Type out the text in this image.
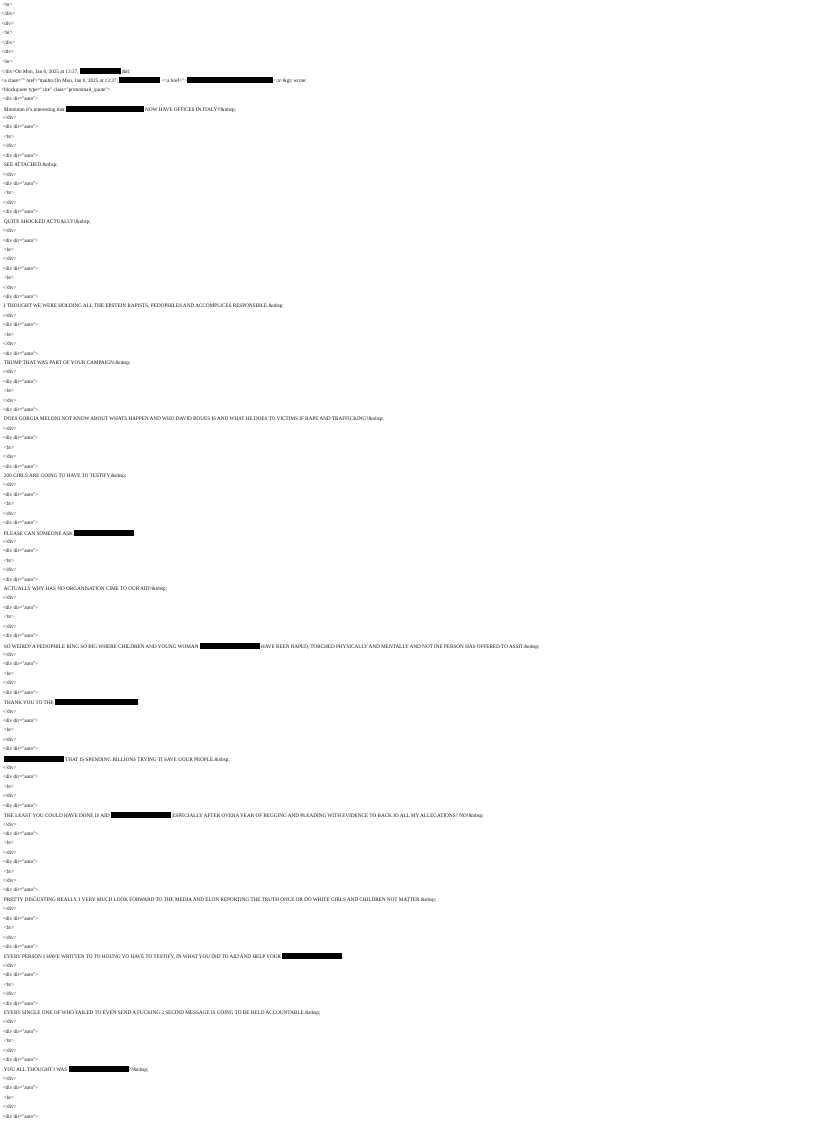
<br>
</div>
<div>
<br>
</div>
<div>
<br>
</div>On Mon, Jan 6, 2025 at 13:37,	&lt;
<a class="" href="mailto:On Mon, Jan 6, 2025 at 13:37,	<<a href=">	</a>&gt; wrote:
<blockquote type="cite" class="protonmail_quote">
<div dir="auto">
Mmmmm it’s interesting that	NOW HAVE OFFICES IN ITALY!!&nbsp;
</div>
<div dir="auto">
<br>
</div>
<div dir="auto">
SEE ATTACHED.&nbsp;
</div>
<div dir="auto">
<br>
</div>
<div dir="auto">
QUITE SHOCKED ACTUALLY!&nbsp;
</div>
<div dir="auto">
<br>
</div>
<div dir="auto">
<br>
</div>
<div dir="auto">
I THOUGHT WE WERE HOLDING ALL THE EPSTEIN RAPISTS, PEDOPHILES AND ACCOMPLICES RESPONSIBLE.&nbsp;
</div>
<div dir="auto">
<br>
</div>
<div dir="auto">
TRUMP THAT WAS PART OF YOUR CAMPAIGN.&nbsp;
</div>
<div dir="auto">
<br>
</div>
<div dir="auto">
DOES GORGIA MELONI NOT KNOW ABOUT WHATS HAPPEN AND WHO DAVID BOUES IS AND WHAT HE DOES TO VICTIMS IF RAPE AND TRAFFICKING?&nbsp;
</div>
<div dir="auto">
<br>
</div>
<div dir="auto">
200 GIRLS ARE GOING TO HAVE TO TESTIFY.&nbsp;
</div>
<div dir="auto">
<br>
</div>
<div dir="auto">
PLEASE CAN SOMEONE ASK	.
</div>
<div dir="auto">
<br>
</div>
<div dir="auto">
ACTUALLY WHY HAS NO ORGANISATION CIME TO OUR AID?&nbsp;
</div>
<div dir="auto">
<br>
</div>
<div dir="auto">
SO WEIRD? A PEDOPHILE RING SO BIG WHERE CHILDREN AND YOUNG WOMAN	HAVE BEEN RAPED, TORCHED PHYSICALLY AND MENTALLY AND NOT INE PERSON HAS OFFERED TO ASSIT.&nbsp;
</div>
<div dir="auto">
<br>
</div>
<div dir="auto">
THANK YOU TO THE	.
</div>
<div dir="auto">
<br>
</div>
<div dir="auto">
THAT IS SPENDING BILLIONS TRYING TI SAVE UOUR PEOPLE.&nbsp;
</div>
<div dir="auto">
<br>
</div>
<div dir="auto">
THE LEAST YOU COULD HAVE DONE IS AID	ESPECIALLY AFTER OVERA YEAR OF BEGGING AND PLEADING WITH EVIDENCE TO BACK IO ALL MY ALLEGATIONS? NO!&nbsp;
</div>
<div dir="auto">
<br>
</div>
<div dir="auto">
<br>
</div>
<div dir="auto">
PRETTY DISGUSTING REALLY. I VERY MUCH LOOK FORWARD TO THE MEDIA AND ELON REPORTING THE TRUTH ONCE OR DO WHITE GIRLS AND CHILDREN NOT MATTER.&nbsp;
</div>
<div dir="auto">
<br>
</div>
<div dir="auto">
EVERY PERSON I HAVE WRITTEN TO TO HOUNG YO HAVE TO TESTIFY, IN WHAT YOU DID TO AID AND HELP YOUR	.
</div>
<div dir="auto">
<br>
</div>
<div dir="auto">
EVERY SINGLE ONE OF WHO FAILED TO EVEN SEND A FUCKING 2 SECIND MESSAGE IS GOING TO BE HELD ACCOUNTABLE.&nbsp;
</div>
<div dir="auto">
<br>
</div>
<div dir="auto">
YOU ALL THOUGHT I WAS	??&nbsp;
</div>
<div dir="auto">
<br>
</div>
<div dir="auto">
